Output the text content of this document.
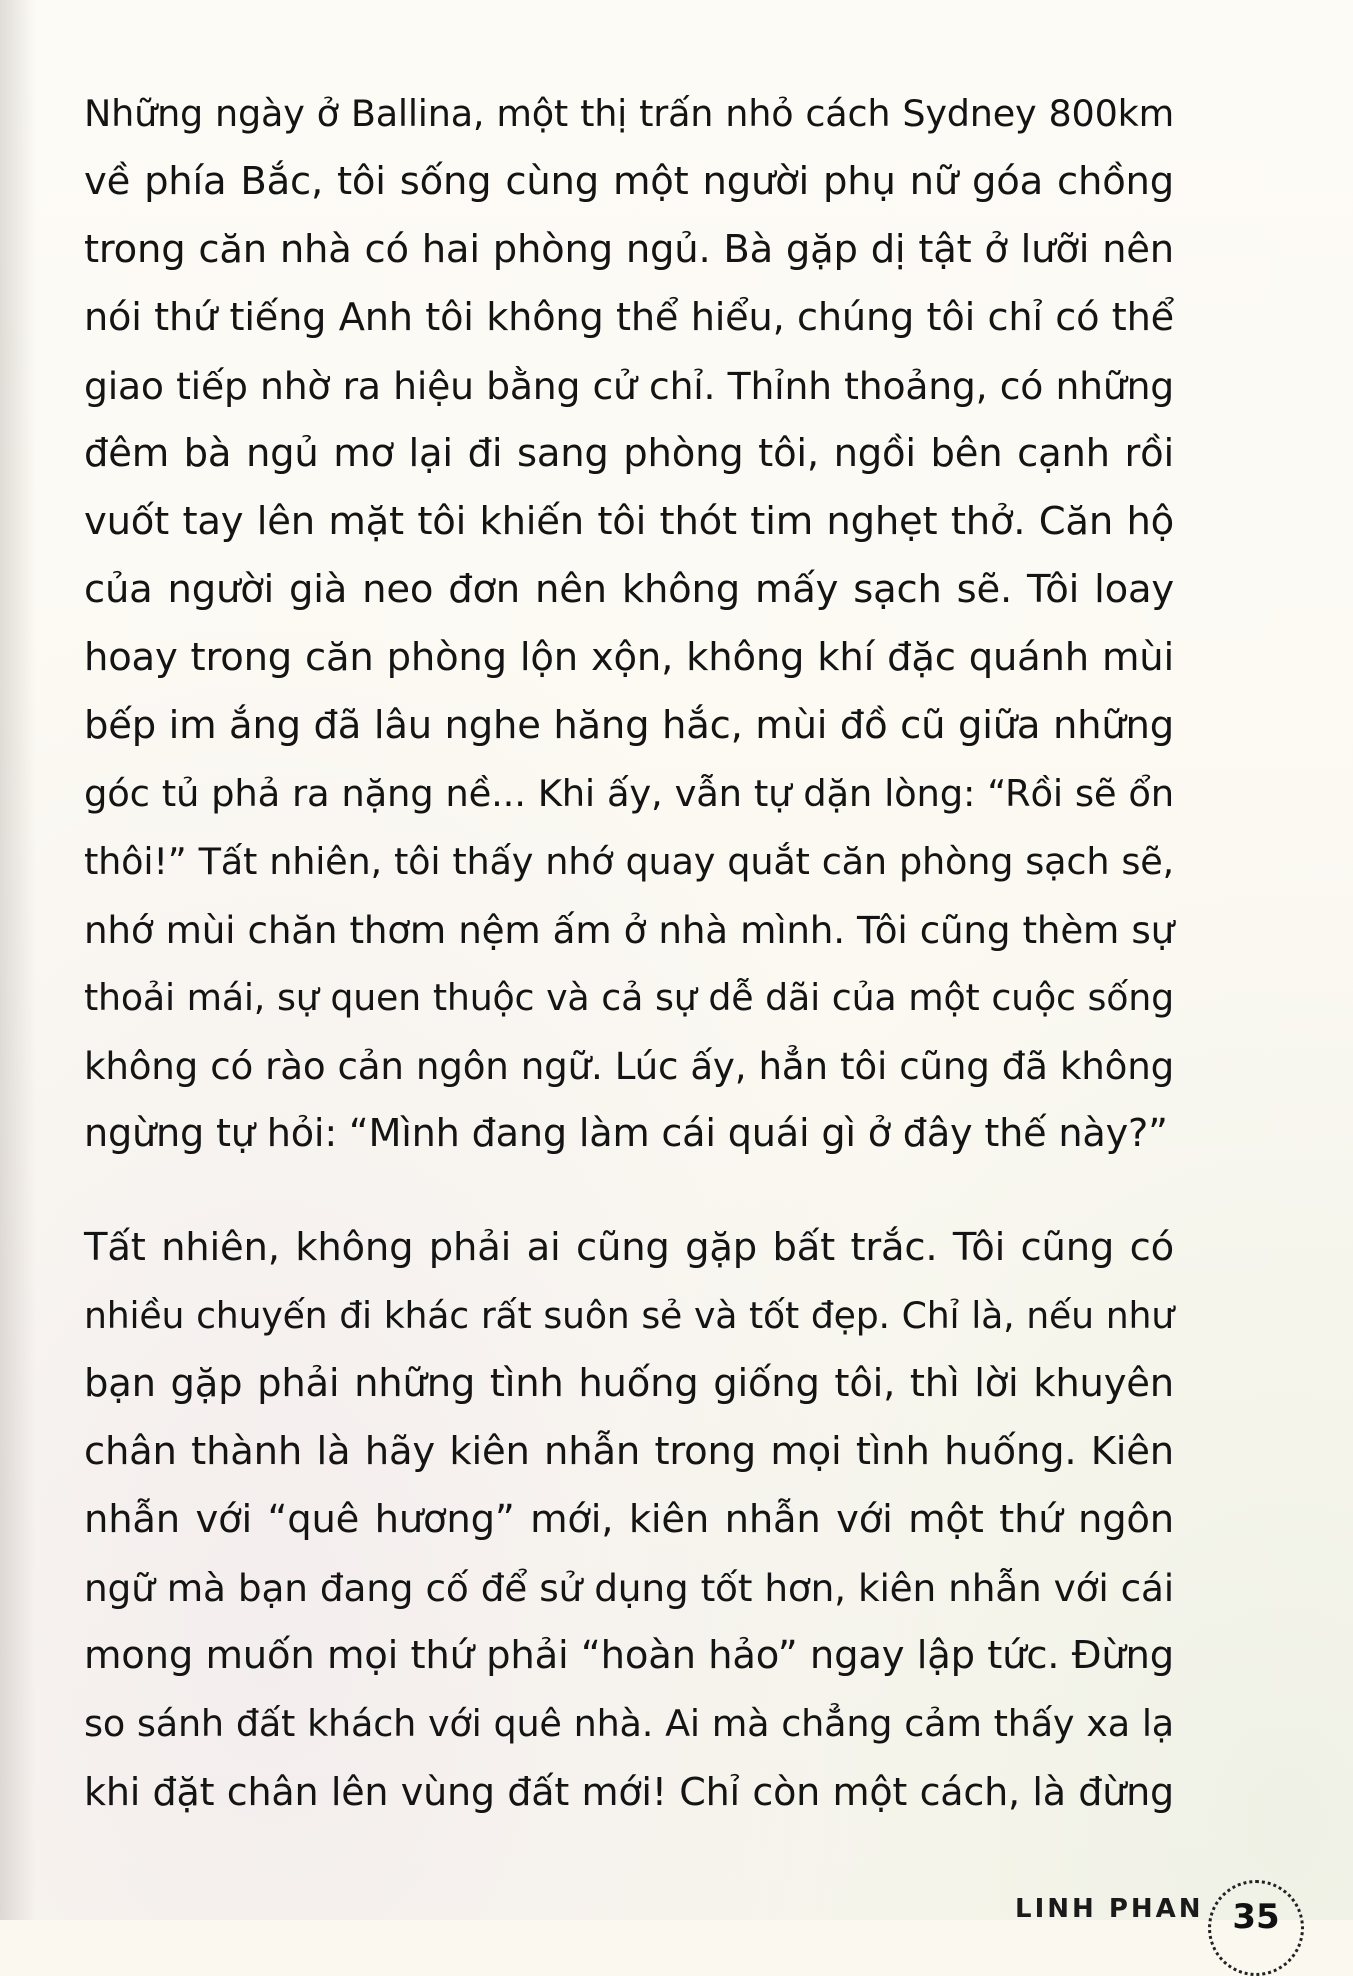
Những ngày ở Ballina, một thị trấn nhỏ cách Sydney 800km
về phía Bắc, tôi sống cùng một người phụ nữ góa chồng
trong căn nhà có hai phòng ngủ. Bà gặp dị tật ở lưỡi nên
nói thứ tiếng Anh tôi không thể hiểu, chúng tôi chỉ có thể
giao tiếp nhờ ra hiệu bằng cử chỉ. Thỉnh thoảng, có những
đêm bà ngủ mơ lại đi sang phòng tôi, ngồi bên cạnh rồi
vuốt tay lên mặt tôi khiến tôi thót tim nghẹt thở. Căn hộ
của người già neo đơn nên không mấy sạch sẽ. Tôi loay
hoay trong căn phòng lộn xộn, không khí đặc quánh mùi
bếp im ắng đã lâu nghe hăng hắc, mùi đồ cũ giữa những
góc tủ phả ra nặng nề... Khi ấy, vẫn tự dặn lòng: “Rồi sẽ ổn
thôi!” Tất nhiên, tôi thấy nhớ quay quắt căn phòng sạch sẽ,
nhớ mùi chăn thơm nệm ấm ở nhà mình. Tôi cũng thèm sự
thoải mái, sự quen thuộc và cả sự dễ dãi của một cuộc sống
không có rào cản ngôn ngữ. Lúc ấy, hẳn tôi cũng đã không
ngừng tự hỏi: “Mình đang làm cái quái gì ở đây thế này?”
Tất nhiên, không phải ai cũng gặp bất trắc. Tôi cũng có
nhiều chuyến đi khác rất suôn sẻ và tốt đẹp. Chỉ là, nếu như
bạn gặp phải những tình huống giống tôi, thì lời khuyên
chân thành là hãy kiên nhẫn trong mọi tình huống. Kiên
nhẫn với “quê hương” mới, kiên nhẫn với một thứ ngôn
ngữ mà bạn đang cố để sử dụng tốt hơn, kiên nhẫn với cái
mong muốn mọi thứ phải “hoàn hảo” ngay lập tức. Đừng
so sánh đất khách với quê nhà. Ai mà chẳng cảm thấy xa lạ
khi đặt chân lên vùng đất mới! Chỉ còn một cách, là đừng
LINH PHAN 35
